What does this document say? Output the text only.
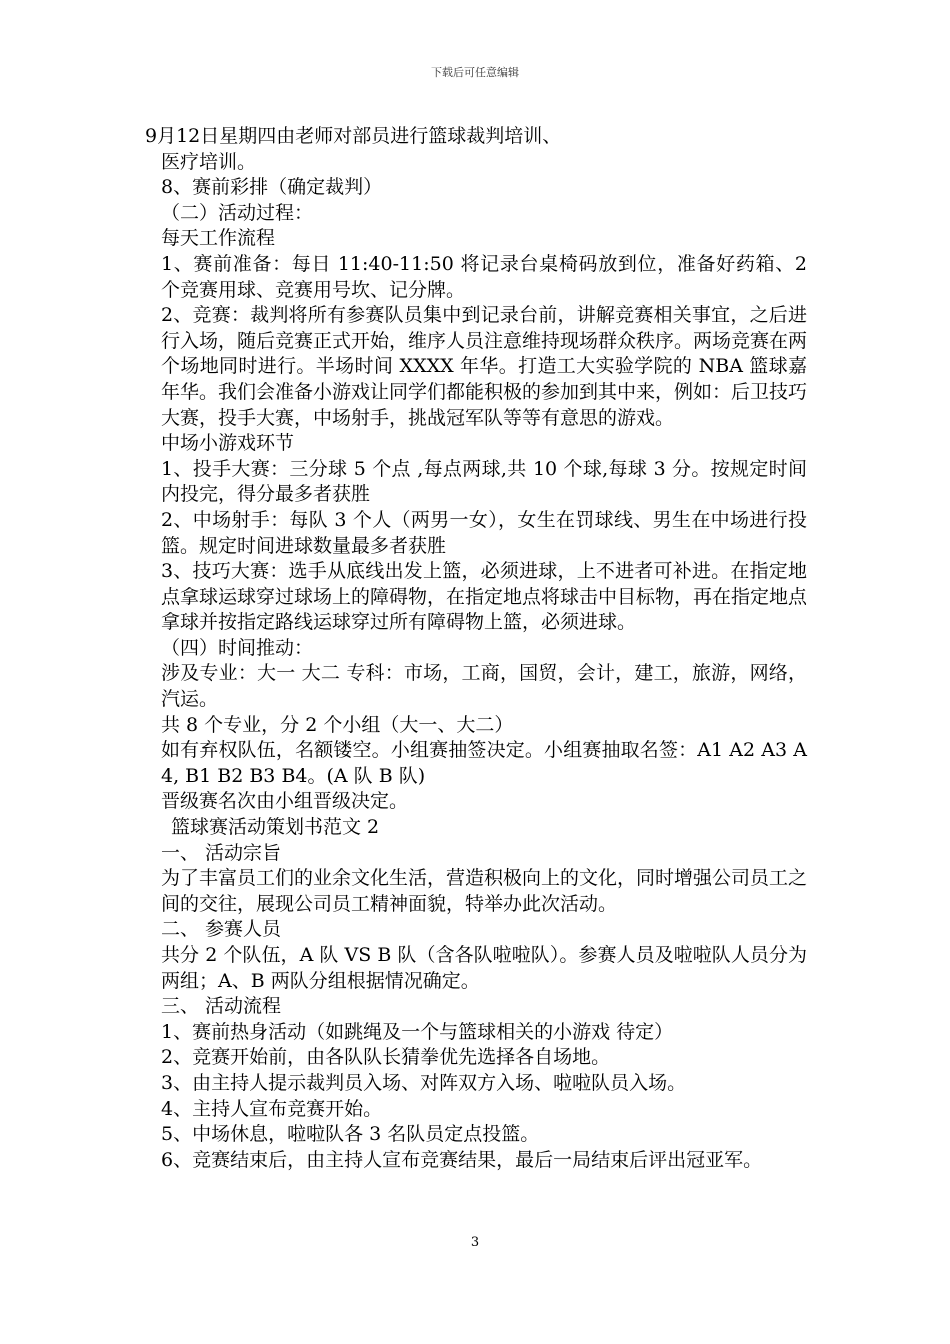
下载后可任意编辑

9月12日星期四由老师对部员进行篮球裁判培训、

医疗培训。

8、赛前彩排（确定裁判）

（二）活动过程：

每天工作流程

1、赛前准备：每日 11:40-11:50 将记录台桌椅码放到位，准备好药箱、2 个竞赛用球、竞赛用号坎、记分牌。

2、竞赛：裁判将所有参赛队员集中到记录台前，讲解竞赛相关事宜，之后进行入场，随后竞赛正式开始，维序人员注意维持现场群众秩序。两场竞赛在两个场地同时进行。半场时间 XXXX 年华。打造工大实验学院的 NBA 篮球嘉年华。我们会准备小游戏让同学们都能积极的参加到其中来，例如：后卫技巧大赛，投手大赛，中场射手，挑战冠军队等等有意思的游戏。

中场小游戏环节

1、投手大赛：三分球 5 个点 ,每点两球,共 10 个球,每球 3 分。按规定时间内投完，得分最多者获胜

2、中场射手：每队 3 个人（两男一女），女生在罚球线、男生在中场进行投篮。规定时间进球数量最多者获胜

3、技巧大赛：选手从底线出发上篮，必须进球，上不进者可补进。在指定地点拿球运球穿过球场上的障碍物，在指定地点将球击中目标物，再在指定地点拿球并按指定路线运球穿过所有障碍物上篮，必须进球。

（四）时间推动：

涉及专业：大一 大二 专科：市场，工商，国贸，会计，建工，旅游，网络，汽运。

共 8 个专业，分 2 个小组（大一、大二）

如有弃权队伍，名额镂空。小组赛抽签决定。小组赛抽取名签：A1 A2 A3 A4, B1 B2 B3 B4。(A 队 B 队)

晋级赛名次由小组晋级决定。

篮球赛活动策划书范文 2

一、 活动宗旨

为了丰富员工们的业余文化生活，营造积极向上的文化，同时增强公司员工之间的交往，展现公司员工精神面貌，特举办此次活动。

二、 参赛人员

共分 2 个队伍，A 队 VS B 队（含各队啦啦队）。参赛人员及啦啦队人员分为两组；A、B 两队分组根据情况确定。

三、 活动流程

1、赛前热身活动（如跳绳及一个与篮球相关的小游戏 待定）

2、竞赛开始前，由各队队长猜拳优先选择各自场地。

3、由主持人提示裁判员入场、对阵双方入场、啦啦队员入场。

4、主持人宣布竞赛开始。

5、中场休息，啦啦队各 3 名队员定点投篮。

6、竞赛结束后，由主持人宣布竞赛结果，最后一局结束后评出冠亚军。

3
